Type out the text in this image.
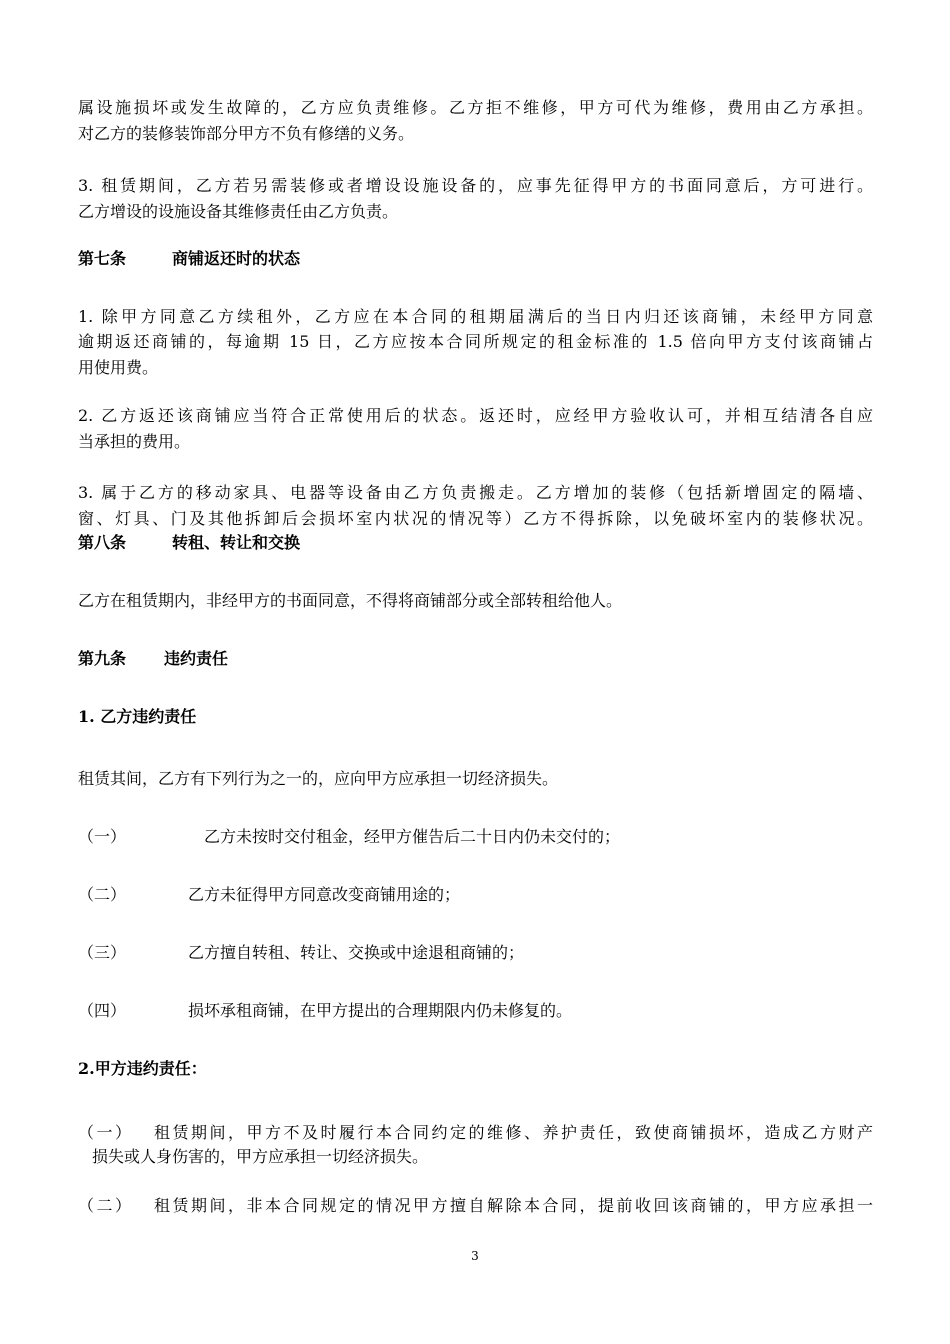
属设施损坏或发生故障的，乙方应负责维修。乙方拒不维修，甲方可代为维修，费用由乙方承担。
对乙方的装修装饰部分甲方不负有修缮的义务。
3. 租赁期间，乙方若另需装修或者增设设施设备的，应事先征得甲方的书面同意后，方可进行。
乙方增设的设施设备其维修责任由乙方负责。
第七条	商铺返还时的状态
1. 除甲方同意乙方续租外，乙方应在本合同的租期届满后的当日内归还该商铺，未经甲方同意
逾期返还商铺的，每逾期 15 日，乙方应按本合同所规定的租金标准的 1.5 倍向甲方支付该商铺占
用使用费。
2. 乙方返还该商铺应当符合正常使用后的状态。返还时，应经甲方验收认可，并相互结清各自应
当承担的费用。
3. 属于乙方的移动家具、电器等设备由乙方负责搬走。乙方增加的装修（包括新增固定的隔墙、
窗、灯具、门及其他拆卸后会损坏室内状况的情况等）乙方不得拆除，以免破坏室内的装修状况。
第八条	转租、转让和交换
乙方在租赁期内，非经甲方的书面同意，不得将商铺部分或全部转租给他人。
第九条 违约责任
1. 乙方违约责任
租赁其间，乙方有下列行为之一的，应向甲方应承担一切经济损失。
（一）	乙方未按时交付租金，经甲方催告后二十日内仍未交付的；
（二）	乙方未征得甲方同意改变商铺用途的；
（三）	乙方擅自转租、转让、交换或中途退租商铺的；
（四）	损坏承租商铺，在甲方提出的合理期限内仍未修复的。
2.甲方违约责任：
（一） 租赁期间，甲方不及时履行本合同约定的维修、养护责任，致使商铺损坏，造成乙方财产
损失或人身伤害的，甲方应承担一切经济损失。
（二） 租赁期间，非本合同规定的情况甲方擅自解除本合同，提前收回该商铺的，甲方应承担一
3
